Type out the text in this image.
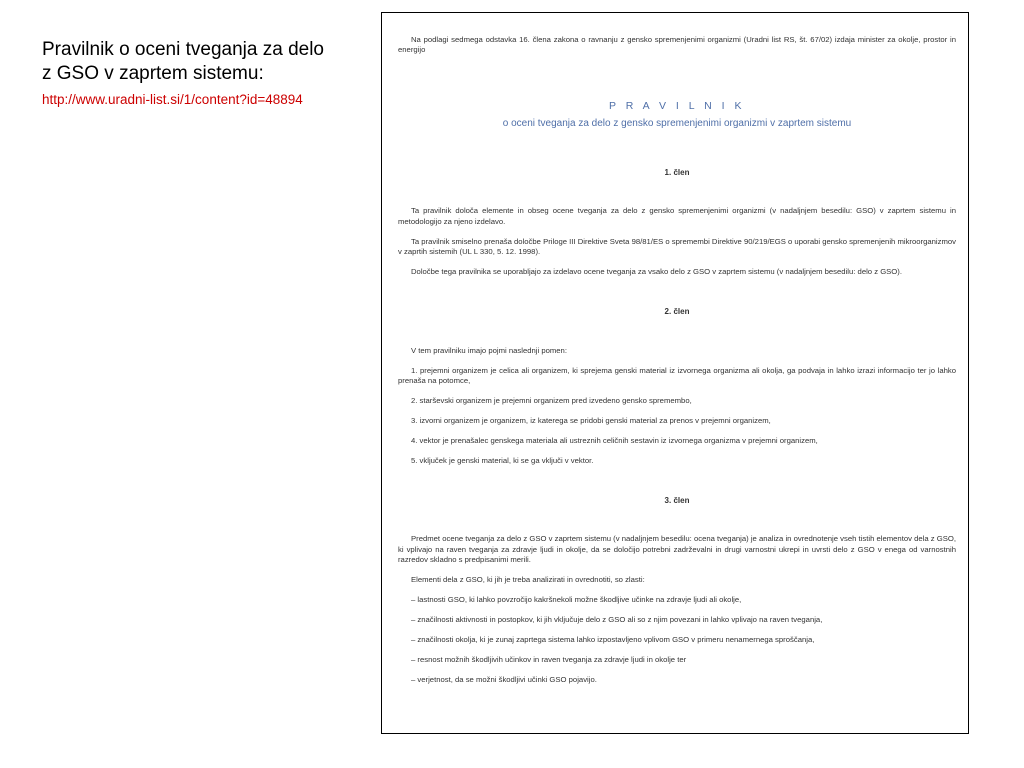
Pravilnik o oceni tveganja za delo
z GSO v zaprtem sistemu:
http://www.uradni-list.si/1/content?id=48894

Na podlagi sedmega odstavka 16. člena zakona o ravnanju z gensko spremenjenimi organizmi (Uradni list RS, št. 67/02) izdaja minister za okolje, prostor in energijo

P R A V I L N I K

o oceni tveganja za delo z gensko spremenjenimi organizmi v zaprtem sistemu

1. člen

Ta pravilnik določa elemente in obseg ocene tveganja za delo z gensko spremenjenimi organizmi (v nadaljnjem besedilu: GSO) v zaprtem sistemu in metodologijo za njeno izdelavo.

Ta pravilnik smiselno prenaša določbe Priloge III Direktive Sveta 98/81/ES o spremembi Direktive 90/219/EGS o uporabi gensko spremenjenih mikroorganizmov v zaprtih sistemih (UL L 330, 5. 12. 1998).

Določbe tega pravilnika se uporabljajo za izdelavo ocene tveganja za vsako delo z GSO v zaprtem sistemu (v nadaljnjem besedilu: delo z GSO).

2. člen

V tem pravilniku imajo pojmi naslednji pomen:

1. prejemni organizem je celica ali organizem, ki sprejema genski material iz izvornega organizma ali okolja, ga podvaja in lahko izrazi informacijo ter jo lahko prenaša na potomce,

2. starševski organizem je prejemni organizem pred izvedeno gensko spremembo,

3. izvorni organizem je organizem, iz katerega se pridobi genski material za prenos v prejemni organizem,

4. vektor je prenašalec genskega materiala ali ustreznih celičnih sestavin iz izvornega organizma v prejemni organizem,

5. vključek je genski material, ki se ga vključi v vektor.

3. člen

Predmet ocene tveganja za delo z GSO v zaprtem sistemu (v nadaljnjem besedilu: ocena tveganja) je analiza in ovrednotenje vseh tistih elementov dela z GSO, ki vplivajo na raven tveganja za zdravje ljudi in okolje, da se določijo potrebni zadrževalni in drugi varnostni ukrepi in uvrsti delo z GSO v enega od varnostnih razredov skladno s predpisanimi merili.

Elementi dela z GSO, ki jih je treba analizirati in ovrednotiti, so zlasti:

– lastnosti GSO, ki lahko povzročijo kakršnekoli možne škodljive učinke na zdravje ljudi ali okolje,

– značilnosti aktivnosti in postopkov, ki jih vključuje delo z GSO ali so z njim povezani in lahko vplivajo na raven tveganja,

– značilnosti okolja, ki je zunaj zaprtega sistema lahko izpostavljeno vplivom GSO v primeru nenamernega sproščanja,

– resnost možnih škodljivih učinkov in raven tveganja za zdravje ljudi in okolje ter

– verjetnost, da se možni škodljivi učinki GSO pojavijo.
